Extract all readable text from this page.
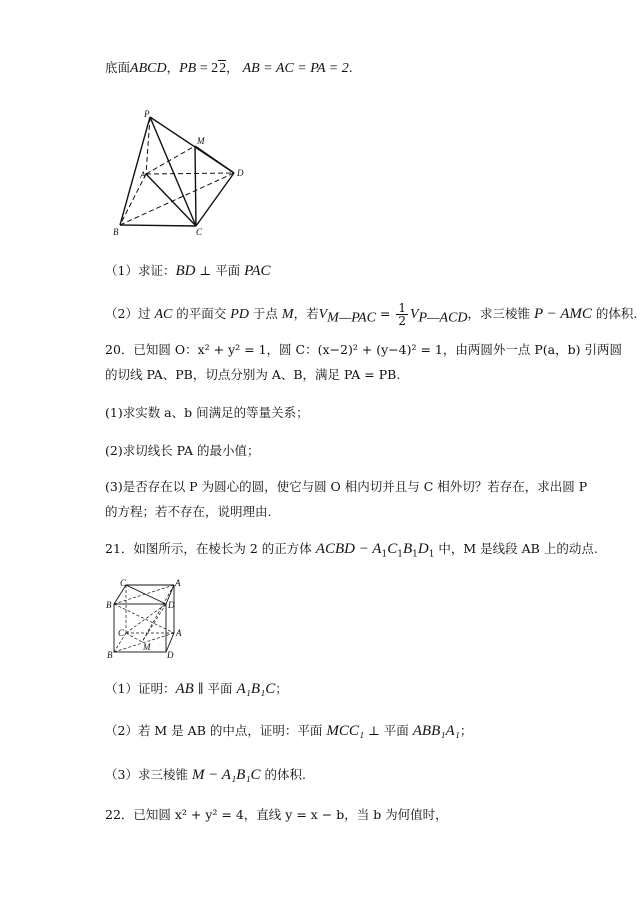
底面ABCD，PB = 22， AB = AC = PA = 2.
P
M
A	D
B	C
（1）求证：BD ⊥ 平面 PAC
（2）过 AC 的平面交 PD 于点 M，若$V_{M—PAC} = \frac{1}{2} V_{P—ACD}$，求三棱锥 P − AMC 的体积.
20．已知圆 O：x² + y² = 1，圆 C：(x−2)² + (y−4)² = 1，由两圆外一点 P(a，b) 引两圆
的切线 PA、PB，切点分别为 A、B，满足 PA = PB.
(1)求实数 a、b 间满足的等量关系；
(2)求切线长 PA 的最小值；
(3)是否存在以 P 为圆心的圆，使它与圆 O 相内切并且与 C 相外切？若存在，求出圆 P
的方程；若不存在，说明理由.
21．如图所示，在棱长为 2 的正方体 ACBD − $A_1C_1B_1D_1$ 中，M 是线段 AB 上的动点.
C	A
B	D
C	A
B	D
M
（1）证明：AB ∥ 平面 A₁B₁C；
（2）若 M 是 AB 的中点，证明：平面 MCC₁ ⊥ 平面 ABB₁A₁；
（3）求三棱锥 M − A₁B₁C 的体积.
22．已知圆 x² + y² = 4，直线 y = x − b，当 b 为何值时，
